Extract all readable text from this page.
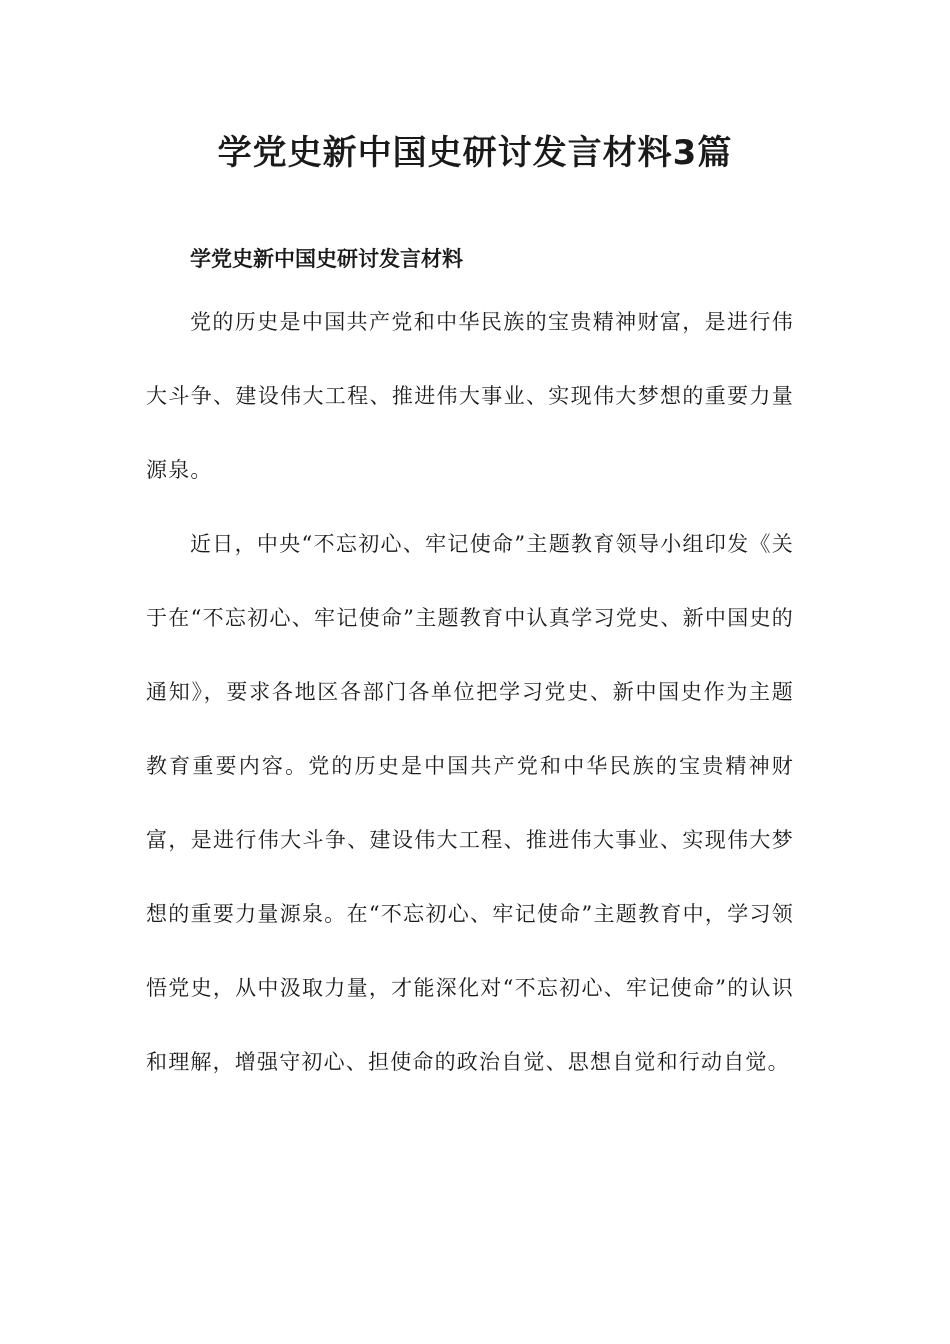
学党史新中国史研讨发言材料3篇
学党史新中国史研讨发言材料

党的历史是中国共产党和中华民族的宝贵精神财富，是进行伟大斗争、建设伟大工程、推进伟大事业、实现伟大梦想的重要力量源泉。

近日，中央“不忘初心、牢记使命”主题教育领导小组印发《关于在“不忘初心、牢记使命”主题教育中认真学习党史、新中国史的通知》，要求各地区各部门各单位把学习党史、新中国史作为主题教育重要内容。党的历史是中国共产党和中华民族的宝贵精神财富，是进行伟大斗争、建设伟大工程、推进伟大事业、实现伟大梦想的重要力量源泉。在“不忘初心、牢记使命”主题教育中，学习领悟党史，从中汲取力量，才能深化对“不忘初心、牢记使命”的认识和理解，增强守初心、担使命的政治自觉、思想自觉和行动自觉。
